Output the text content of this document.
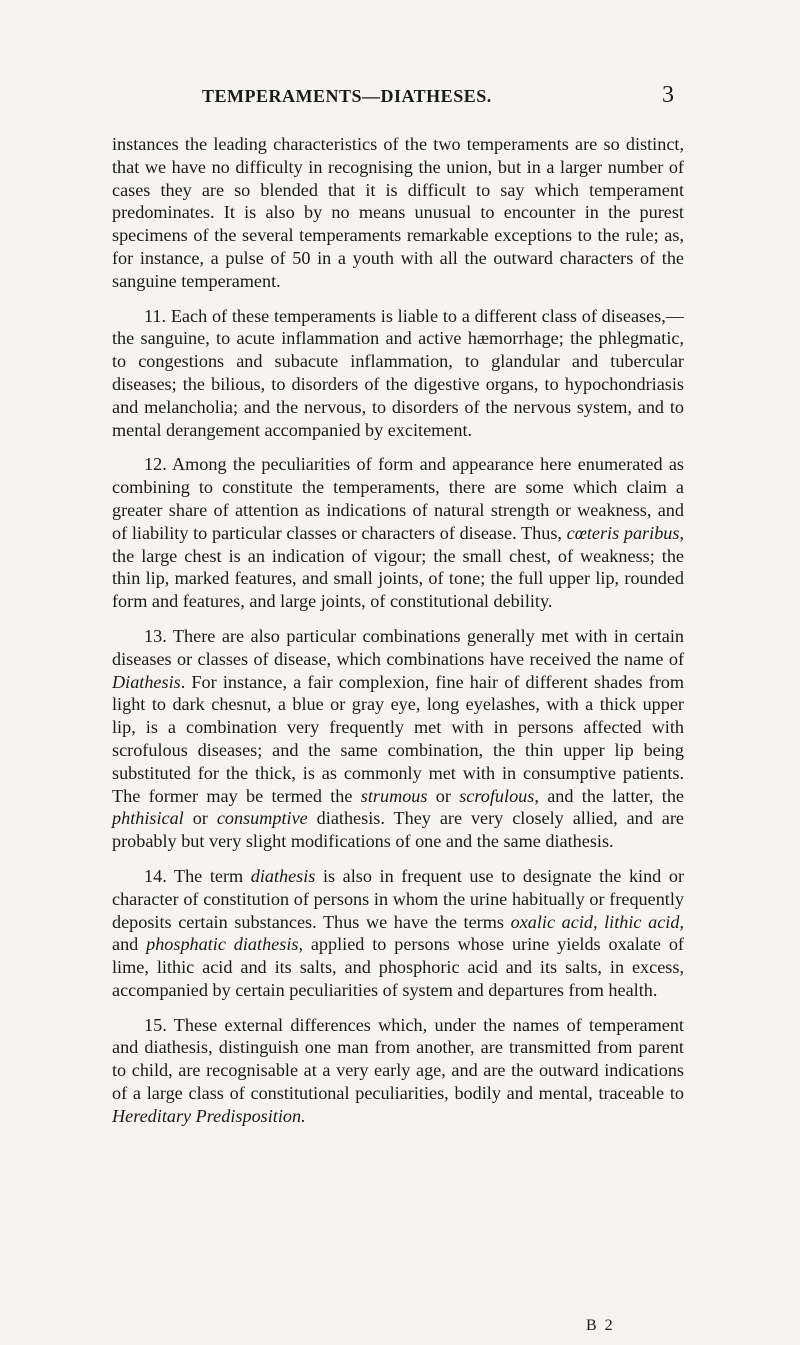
TEMPERAMENTS—DIATHESES.	3

instances the leading characteristics of the two temperaments are so distinct, that we have no difficulty in recognising the union, but in a larger number of cases they are so blended that it is difficult to say which temperament predominates. It is also by no means unusual to encounter in the purest specimens of the several temperaments remarkable exceptions to the rule; as, for instance, a pulse of 50 in a youth with all the outward characters of the sanguine temperament.

11. Each of these temperaments is liable to a different class of diseases,—the sanguine, to acute inflammation and active hæmorrhage; the phlegmatic, to congestions and subacute inflammation, to glandular and tubercular diseases; the bilious, to disorders of the digestive organs, to hypochondriasis and melancholia; and the nervous, to disorders of the nervous system, and to mental derangement accompanied by excitement.

12. Among the peculiarities of form and appearance here enumerated as combining to constitute the temperaments, there are some which claim a greater share of attention as indications of natural strength or weakness, and of liability to particular classes or characters of disease. Thus, cœteris paribus, the large chest is an indication of vigour; the small chest, of weakness; the thin lip, marked features, and small joints, of tone; the full upper lip, rounded form and features, and large joints, of constitutional debility.

13. There are also particular combinations generally met with in certain diseases or classes of disease, which combinations have received the name of Diathesis. For instance, a fair complexion, fine hair of different shades from light to dark chesnut, a blue or gray eye, long eyelashes, with a thick upper lip, is a combination very frequently met with in persons affected with scrofulous diseases; and the same combination, the thin upper lip being substituted for the thick, is as commonly met with in consumptive patients. The former may be termed the strumous or scrofulous, and the latter, the phthisical or consumptive diathesis. They are very closely allied, and are probably but very slight modifications of one and the same diathesis.

14. The term diathesis is also in frequent use to designate the kind or character of constitution of persons in whom the urine habitually or frequently deposits certain substances. Thus we have the terms oxalic acid, lithic acid, and phosphatic diathesis, applied to persons whose urine yields oxalate of lime, lithic acid and its salts, and phosphoric acid and its salts, in excess, accompanied by certain peculiarities of system and departures from health.

15. These external differences which, under the names of temperament and diathesis, distinguish one man from another, are transmitted from parent to child, are recognisable at a very early age, and are the outward indications of a large class of constitutional peculiarities, bodily and mental, traceable to Hereditary Predisposition.

B 2
